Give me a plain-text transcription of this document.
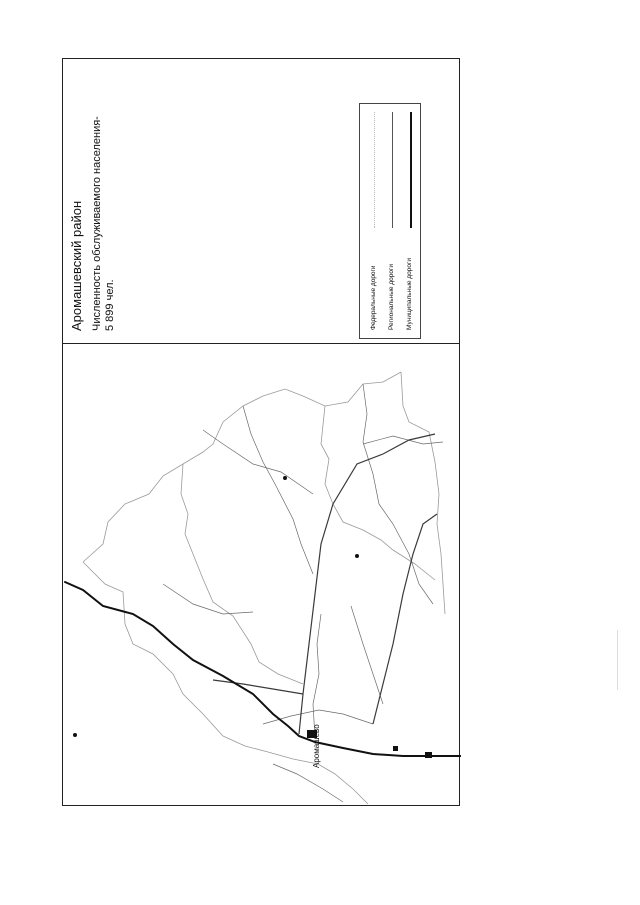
Аромашевский район Численность обслуживаемого населения- 5 899 чел.	Федеральные дороги Региональные дороги Муниципальные дороги
Аромашево
